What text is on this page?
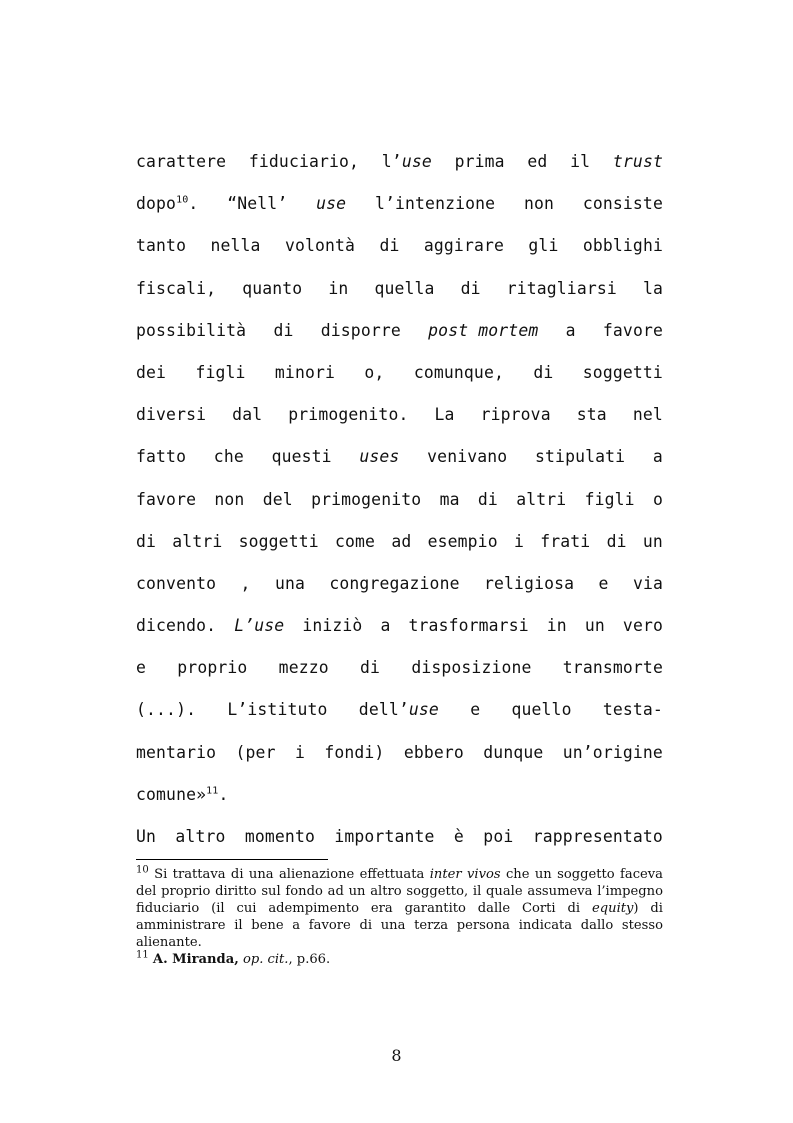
carattere fiduciario, l’use prima ed il trust
dopo$^{10}$. “Nell’ use l’intenzione non consiste
tanto nella volontà di aggirare gli obblighi
fiscali, quanto in quella di ritagliarsi la
possibilità di disporre post mortem a favore
dei figli minori o, comunque, di soggetti
diversi dal primogenito. La riprova sta nel
fatto che questi uses venivano stipulati a
favore non del primogenito ma di altri figli o
di altri soggetti come ad esempio i frati di un
convento , una congregazione religiosa e via
dicendo. L’use iniziò a trasformarsi in un vero
e proprio mezzo di disposizione transmorte
(...). L’istituto dell’use e quello testa-
mentario (per i fondi) ebbero dunque un’origine
comune»$^{11}$.
Un altro momento importante è poi rappresentato
$^{10}$ Si trattava di una alienazione effettuata inter vivos che un soggetto faceva del proprio diritto sul fondo ad un altro soggetto, il quale assumeva l’impegno fiduciario (il cui adempimento era garantito dalle Corti di equity) di amministrare il bene a favore di una terza persona indicata dallo stesso alienante.
$^{11}$ A. Miranda, op. cit., p.66.
8
